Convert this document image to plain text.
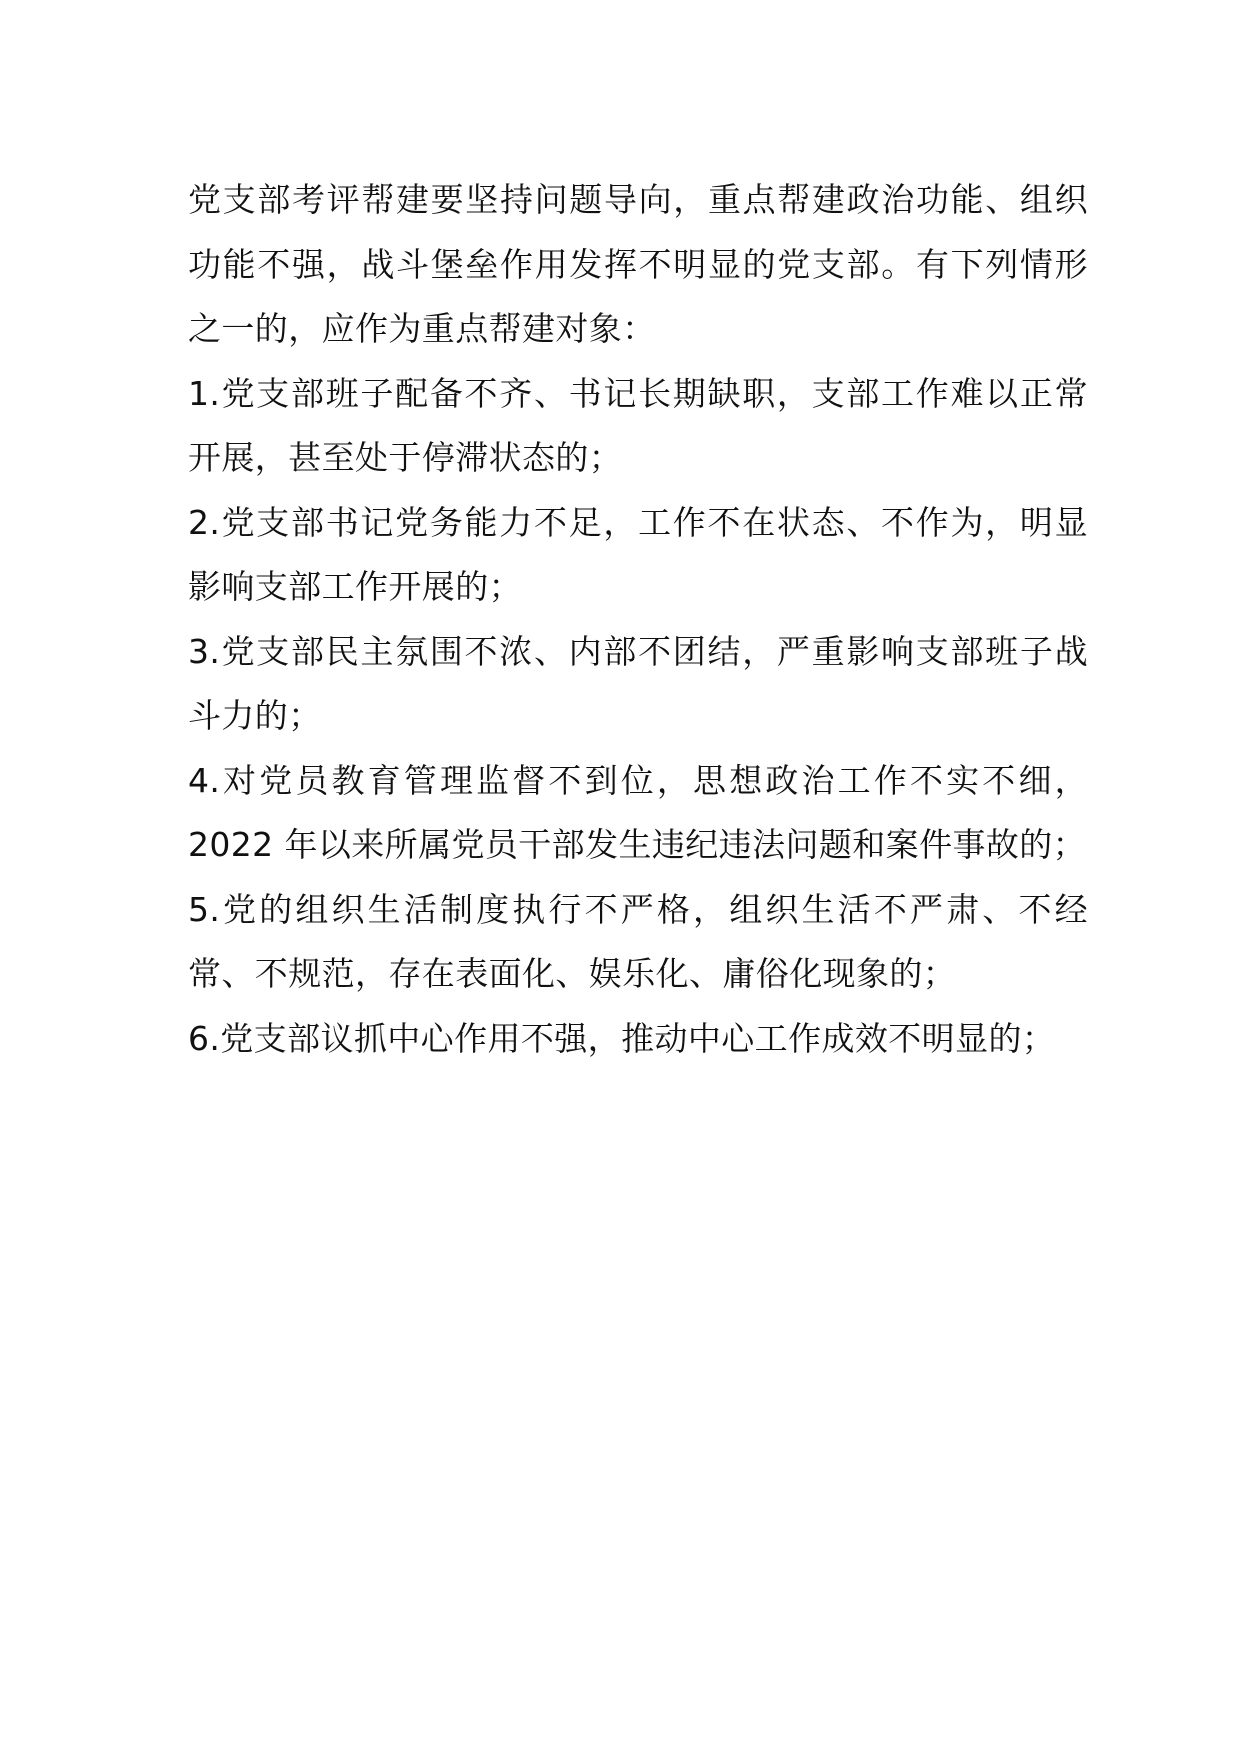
党支部考评帮建要坚持问题导向，重点帮建政治功能、组织功能不强，战斗堡垒作用发挥不明显的党支部。有下列情形之一的，应作为重点帮建对象：

1.党支部班子配备不齐、书记长期缺职，支部工作难以正常开展，甚至处于停滞状态的；

2.党支部书记党务能力不足，工作不在状态、不作为，明显影响支部工作开展的；

3.党支部民主氛围不浓、内部不团结，严重影响支部班子战斗力的；

4.对党员教育管理监督不到位，思想政治工作不实不细，2022 年以来所属党员干部发生违纪违法问题和案件事故的；

5.党的组织生活制度执行不严格，组织生活不严肃、不经常、不规范，存在表面化、娱乐化、庸俗化现象的；

6.党支部议抓中心作用不强，推动中心工作成效不明显的；
